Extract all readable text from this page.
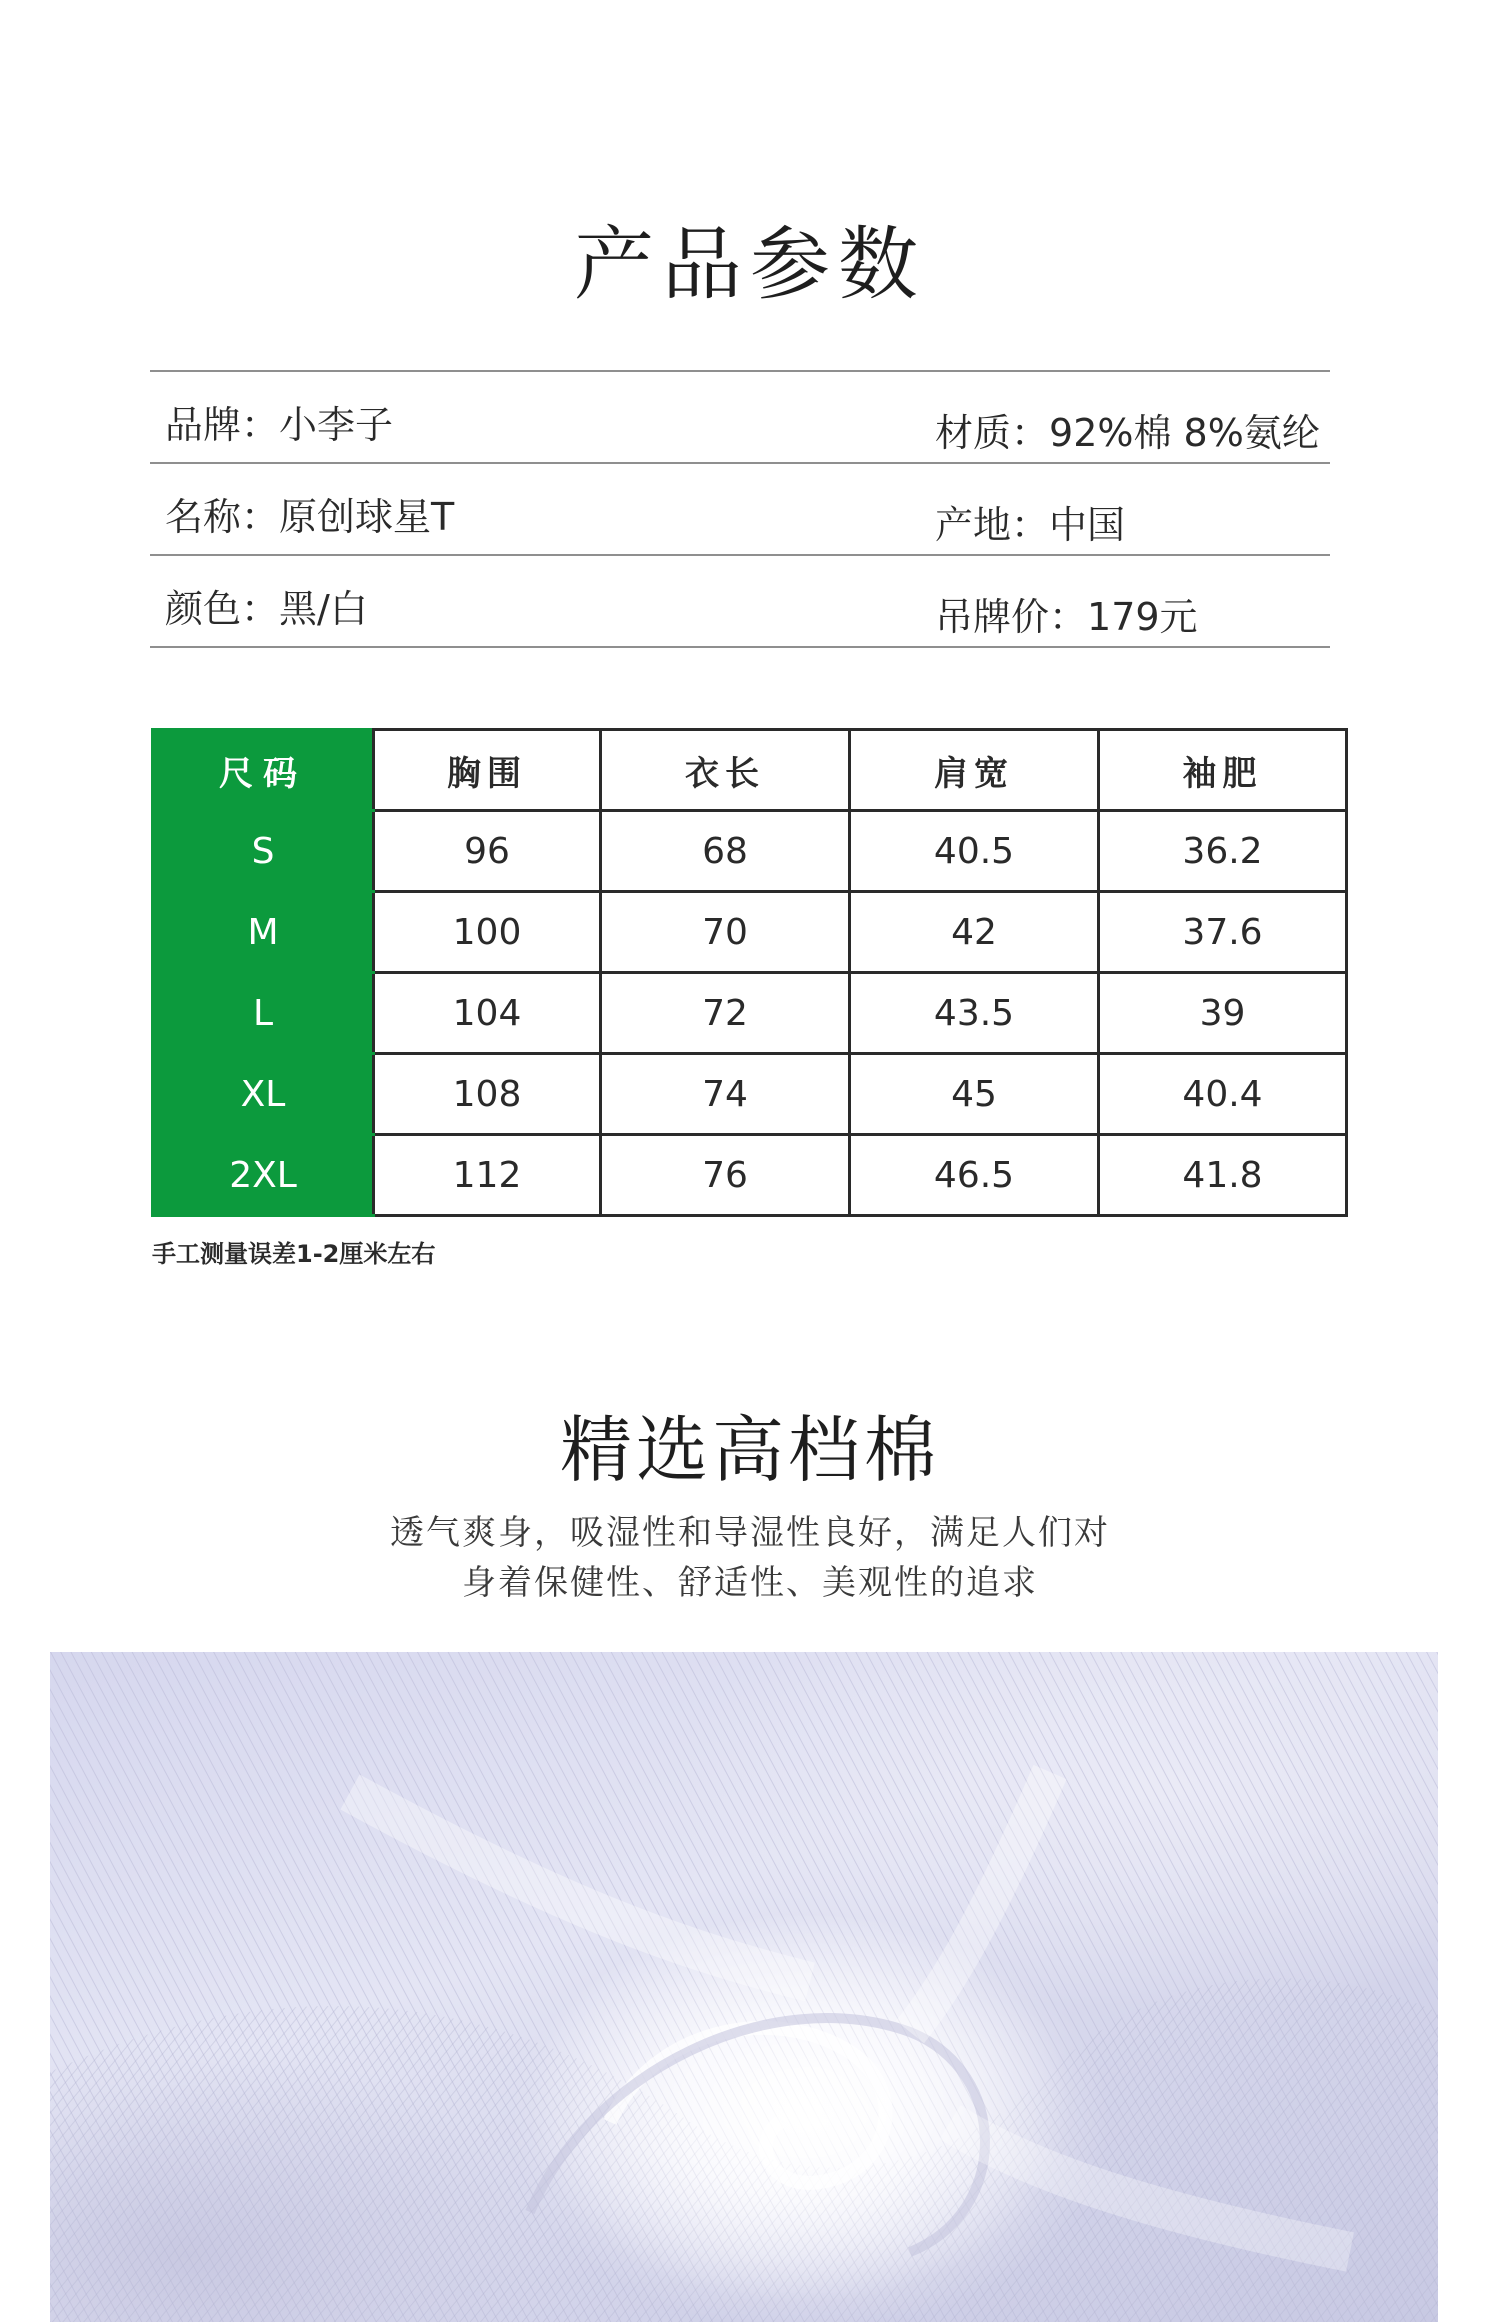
产品参数
品牌：小李子	材质：92%棉 8%氨纶
名称：原创球星T	产地：中国
颜色：黑/白	吊牌价：179元
尺码	胸围	衣长	肩宽	袖肥
S	96	68	40.5	36.2
M	100	70	42	37.6
L	104	72	43.5	39
XL	108	74	45	40.4
2XL	112	76	46.5	41.8
手工测量误差1-2厘米左右
精选高档棉
透气爽身，吸湿性和导湿性良好，满足人们对
身着保健性、舒适性、美观性的追求
